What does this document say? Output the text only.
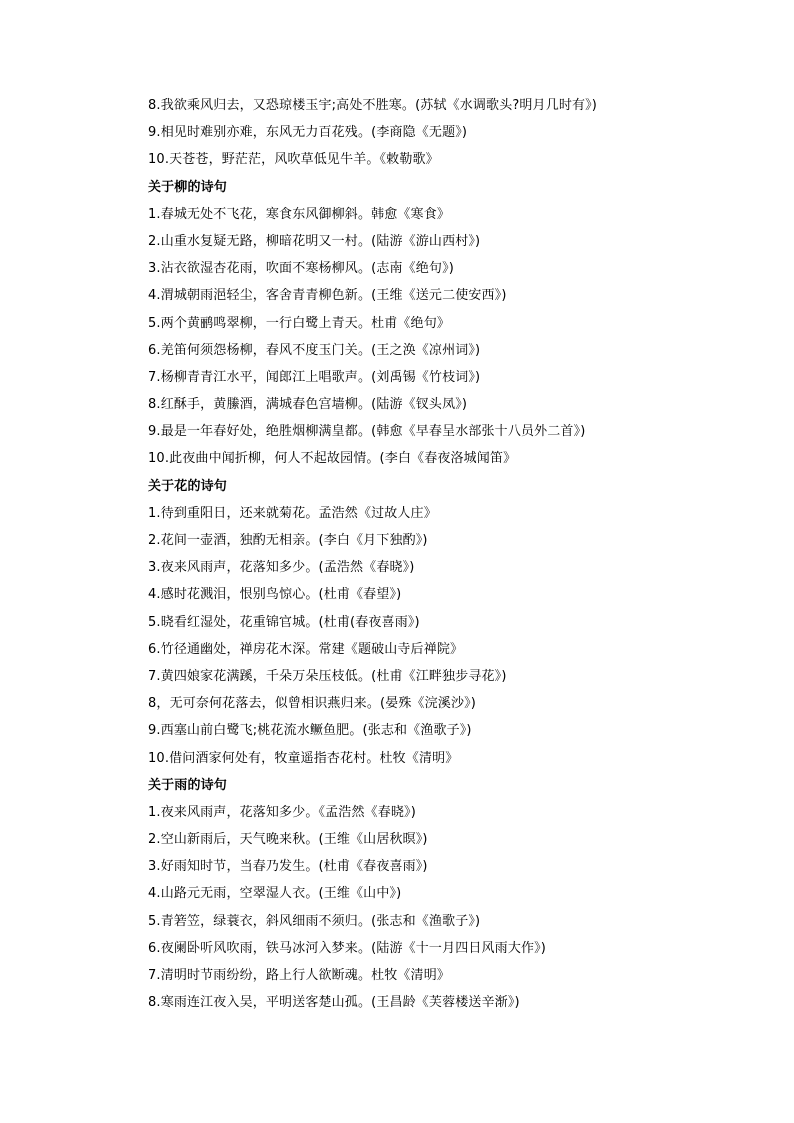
8.我欲乘风归去，又恐琼楼玉宇;高处不胜寒。(苏轼《水调歌头?明月几时有》)
9.相见时难别亦难，东风无力百花残。(李商隐《无题》)
10.天苍苍，野茫茫，风吹草低见牛羊。《敕勒歌》
关于柳的诗句
1.春城无处不飞花，寒食东风御柳斜。韩愈《寒食》
2.山重水复疑无路，柳暗花明又一村。(陆游《游山西村》)
3.沾衣欲湿杏花雨，吹面不寒杨柳风。(志南《绝句》)
4.渭城朝雨浥轻尘，客舍青青柳色新。(王维《送元二使安西》)
5.两个黄鹂鸣翠柳，一行白鹭上青天。杜甫《绝句》
6.羌笛何须怨杨柳，春风不度玉门关。(王之涣《凉州词》)
7.杨柳青青江水平，闻郎江上唱歌声。(刘禹锡《竹枝词》)
8.红酥手，黄縢酒，满城春色宫墙柳。(陆游《钗头凤》)
9.最是一年春好处，绝胜烟柳满皇都。(韩愈《早春呈水部张十八员外二首》)
10.此夜曲中闻折柳，何人不起故园情。(李白《春夜洛城闻笛》
关于花的诗句
1.待到重阳日，还来就菊花。孟浩然《过故人庄》
2.花间一壶酒，独酌无相亲。(李白《月下独酌》)
3.夜来风雨声，花落知多少。(孟浩然《春晓》)
4.感时花溅泪，恨别鸟惊心。(杜甫《春望》)
5.晓看红湿处，花重锦官城。(杜甫(春夜喜雨》)
6.竹径通幽处，禅房花木深。常建《题破山寺后禅院》
7.黄四娘家花满蹊，千朵万朵压枝低。(杜甫《江畔独步寻花》)
8，无可奈何花落去，似曾相识燕归来。(晏殊《浣溪沙》)
9.西塞山前白鹭飞;桃花流水鳜鱼肥。(张志和《渔歌子》)
10.借问酒家何处有，牧童遥指杏花村。杜牧《清明》
关于雨的诗句
1.夜来风雨声，花落知多少。《孟浩然《春晓》)
2.空山新雨后，天气晚来秋。(王维《山居秋暝》)
3.好雨知时节，当春乃发生。(杜甫《春夜喜雨》)
4.山路元无雨，空翠湿人衣。(王维《山中》)
5.青箬笠，绿蓑衣，斜风细雨不须归。(张志和《渔歌子》)
6.夜阑卧听风吹雨，铁马冰河入梦来。(陆游《十一月四日风雨大作》)
7.清明时节雨纷纷，路上行人欲断魂。杜牧《清明》
8.寒雨连江夜入吴，平明送客楚山孤。(王昌龄《芙蓉楼送辛渐》)
